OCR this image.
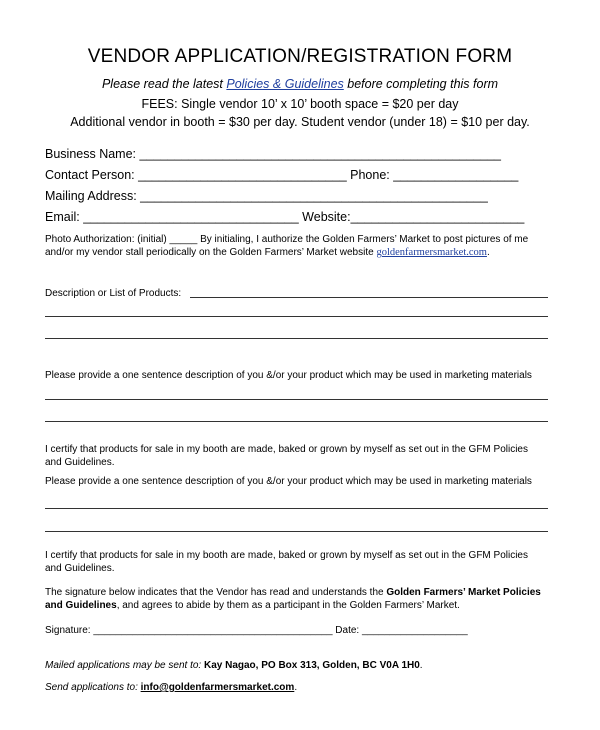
VENDOR APPLICATION/REGISTRATION FORM
Please read the latest Policies & Guidelines before completing this form
FEES: Single vendor 10’ x 10’ booth space = $20 per day
Additional vendor in booth = $30 per day. Student vendor (under 18) = $10 per day.
Business Name: ____________________________________________________
Contact Person: ______________________________ Phone: __________________
Mailing Address: __________________________________________________
Email: _______________________________ Website:_________________________
Photo Authorization: (initial) _____ By initialing, I authorize the Golden Farmers’ Market to post pictures of me
and/or my vendor stall periodically on the Golden Farmers’ Market website goldenfarmersmarket.com.
Description or List of Products:
Please provide a one sentence description of you &/or your product which may be used in marketing materials
I certify that products for sale in my booth are made, baked or grown by myself as set out in the GFM Policies
and Guidelines.
Please provide a one sentence description of you &/or your product which may be used in marketing materials
I certify that products for sale in my booth are made, baked or grown by myself as set out in the GFM Policies
and Guidelines.
The signature below indicates that the Vendor has read and understands the Golden Farmers’ Market Policies
and Guidelines, and agrees to abide by them as a participant in the Golden Farmers’ Market.
Signature: ___________________________________________ Date: ___________________
Mailed applications may be sent to: Kay Nagao, PO Box 313, Golden, BC V0A 1H0.
Send applications to: info@goldenfarmersmarket.com.
